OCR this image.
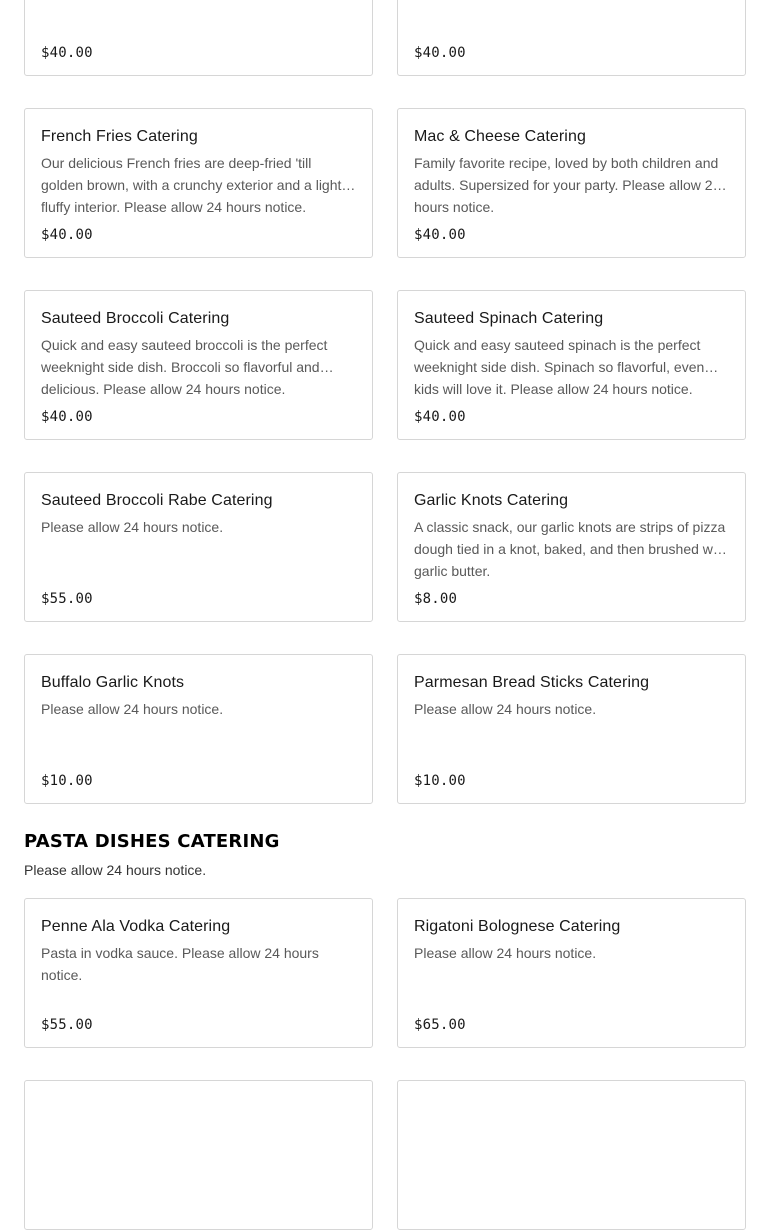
$40.00	$40.00
French Fries Catering
Our delicious French fries are deep-fried 'till golden brown, with a crunchy exterior and a light fluffy interior. Please allow 24 hours notice.
$40.00
Mac & Cheese Catering
Family favorite recipe, loved by both children and adults. Supersized for your party. Please allow 24 hours notice.
$40.00
Sauteed Broccoli Catering
Quick and easy sauteed broccoli is the perfect weeknight side dish. Broccoli so flavorful and delicious. Please allow 24 hours notice.
$40.00
Sauteed Spinach Catering
Quick and easy sauteed spinach is the perfect weeknight side dish. Spinach so flavorful, even kids will love it. Please allow 24 hours notice.
$40.00
Sauteed Broccoli Rabe Catering
Please allow 24 hours notice.
$55.00
Garlic Knots Catering
A classic snack, our garlic knots are strips of pizza dough tied in a knot, baked, and then brushed with garlic butter.
$8.00
Buffalo Garlic Knots
Please allow 24 hours notice.
$10.00
Parmesan Bread Sticks Catering
Please allow 24 hours notice.
$10.00
PASTA DISHES CATERING
Please allow 24 hours notice.
Penne Ala Vodka Catering
Pasta in vodka sauce. Please allow 24 hours notice.
$55.00
Rigatoni Bolognese Catering
Please allow 24 hours notice.
$65.00
